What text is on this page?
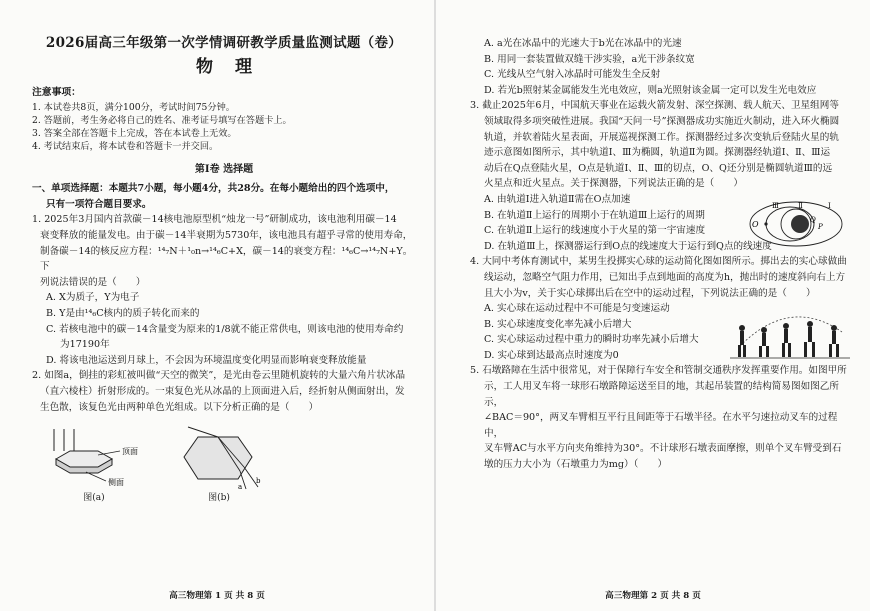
2026届高三年级第一次学情调研教学质量监测试题（卷）
物理
注意事项：
1. 本试卷共8页，满分100分，考试时间75分钟。
2. 答题前，考生务必将自己的姓名、准考证号填写在答题卡上。
3. 答案全部在答题卡上完成，答在本试卷上无效。
4. 考试结束后，将本试卷和答题卡一并交回。
第Ⅰ卷 选择题
一、单项选择题：本题共7小题，每小题4分，共28分。在每小题给出的四个选项中，
只有一项符合题目要求。
1. 2025年3月国内首款碳－14核电池原型机“烛龙一号”研制成功，该电池利用碳－14
衰变释放的能量发电。由于碳－14半衰期为5730年，该电池具有超乎寻常的使用寿命，
制备碳－14的核反应方程：¹⁴₇N＋¹₀n→¹⁴₆C+X，碳－14的衰变方程：¹⁴₆C→¹⁴₇N+Y。下
列说法错误的是（　　）
A. X为质子，Y为电子
B. Y是由¹⁴₆C核内的质子转化而来的
C. 若核电池中的碳－14含量变为原来的1/8就不能正常供电，则该电池的使用寿命约
为17190年
D. 将该电池运送到月球上，不会因为环境温度变化明显而影响衰变释放能量
2. 如图a，倒挂的彩虹被叫做“天空的微笑”，是光由卷云里随机旋转的大量六角片状冰晶
（直六棱柱）折射形成的。一束复色光从冰晶的上顶面进入后，经折射从侧面射出，发
生色散，该复色光由两种单色光组成。以下分析正确的是（　　）
顶面
侧面
图(a)
a
b
图(b)
高三物理第 1 页 共 8 页
A. a光在冰晶中的光速大于b光在冰晶中的光速
B. 用同一套装置做双缝干涉实验，a光干涉条纹宽
C. 光线从空气射入冰晶时可能发生全反射
D. 若光b照射某金属能发生光电效应，则a光照射该金属一定可以发生光电效应
3. 截止2025年6月，中国航天事业在运载火箭发射、深空探测、载人航天、卫星组网等
领域取得多项突破性进展。我国“天问一号”探测器成功实施近火制动，进入环火椭圆
轨道，并软着陆火星表面，开展巡视探测工作。探测器经过多次变轨后登陆火星的轨
迹示意图如图所示，其中轨道Ⅰ、Ⅲ为椭圆，轨道Ⅱ为圆。探测器经轨道Ⅰ、Ⅱ、Ⅲ运
动后在Q点登陆火星，O点是轨道Ⅰ、Ⅱ、Ⅲ的切点，O、Q还分别是椭圆轨道Ⅲ的远
火星点和近火星点。关于探测器，下列说法正确的是（　　）
A. 由轨道Ⅰ进入轨道Ⅱ需在O点加速
B. 在轨道Ⅱ上运行的周期小于在轨道Ⅲ上运行的周期
C. 在轨道Ⅱ上运行的线速度小于火星的第一宇宙速度
D. 在轨道Ⅲ上，探测器运行到O点的线速度大于运行到Q点的线速度
O	Q
P
Ⅲ	Ⅱ	Ⅰ
4. 大同中考体育测试中，某男生投掷实心球的运动简化图如图所示。掷出去的实心球做曲
线运动，忽略空气阻力作用，已知出手点到地面的高度为h，抛出时的速度斜向右上方
且大小为v，关于实心球掷出后在空中的运动过程，下列说法正确的是（　　）
A. 实心球在运动过程中不可能是匀变速运动
B. 实心球速度变化率先减小后增大
C. 实心球运动过程中重力的瞬时功率先减小后增大
D. 实心球到达最高点时速度为0
5. 石墩路障在生活中很常见，对于保障行车安全和管制交通秩序发挥重要作用。如图甲所
示，工人用叉车将一球形石墩路障运送至目的地，其起吊装置的结构简易图如图乙所示，
∠BAC＝90°，两叉车臂相互平行且间距等于石墩半径。在水平匀速拉动叉车的过程中，
叉车臂AC与水平方向夹角维持为30°。不计球形石墩表面摩擦，则单个叉车臂受到石
墩的压力大小为（石墩重力为mg）（　　）
高三物理第 2 页 共 8 页
